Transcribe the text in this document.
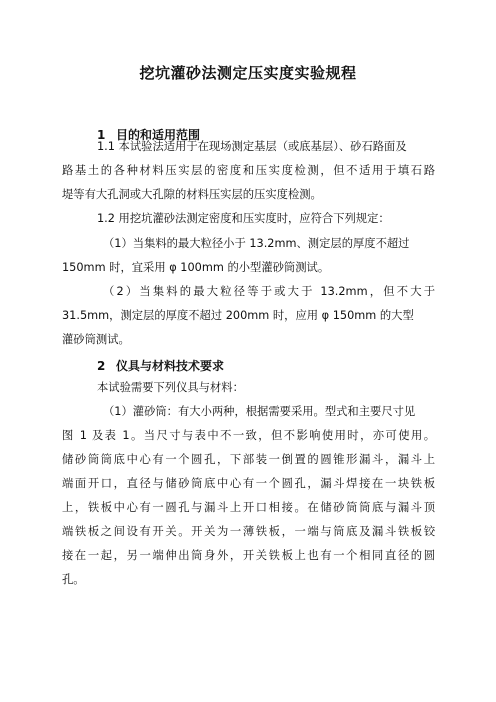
挖坑灌砂法测定压实度实验规程
1 目的和适用范围
1.1 本试验法适用于在现场测定基层（或底基层）、砂石路面及
路基土的各种材料压实层的密度和压实度检测，但不适用于填石路
堤等有大孔洞或大孔隙的材料压实层的压实度检测。
1.2 用挖坑灌砂法测定密度和压实度时，应符合下列规定：
（1）当集料的最大粒径小于 13.2mm、测定层的厚度不超过
150mm 时，宜采用 φ 100mm 的小型灌砂筒测试。
（2）当集料的最大粒径等于或大于 13.2mm，但不大于
31.5mm，测定层的厚度不超过 200mm 时，应用 φ 150mm 的大型
灌砂筒测试。
2 仪具与材料技术要求
本试验需要下列仪具与材料：
（1）灌砂筒：有大小两种，根据需要采用。型式和主要尺寸见
图 1 及表 1。当尺寸与表中不一致，但不影响使用时，亦可使用。
储砂筒筒底中心有一个圆孔，下部装一倒置的圆锥形漏斗，漏斗上
端面开口，直径与储砂筒底中心有一个圆孔，漏斗焊接在一块铁板
上，铁板中心有一圆孔与漏斗上开口相接。在储砂筒筒底与漏斗顶
端铁板之间设有开关。开关为一薄铁板，一端与筒底及漏斗铁板铰
接在一起，另一端伸出筒身外，开关铁板上也有一个相同直径的圆
孔。
